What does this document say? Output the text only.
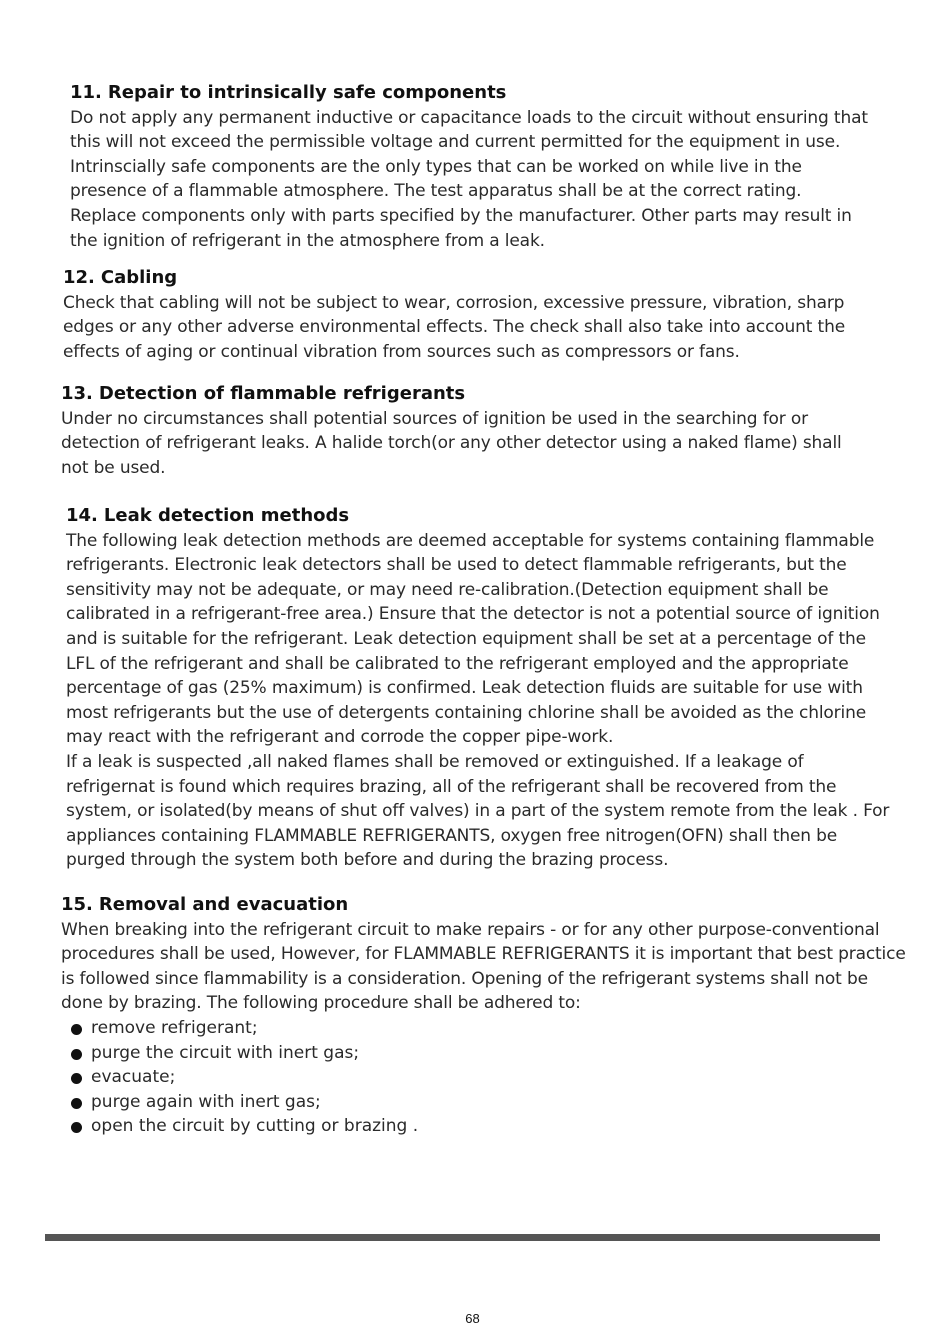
11. Repair to intrinsically safe components

Do not apply any permanent inductive or capacitance loads to the circuit without ensuring that this will not exceed the permissible voltage and current permitted for the equipment in use. Intrinscially safe components are the only types that can be worked on while live in the presence of a flammable atmosphere. The test apparatus shall be at the correct rating. Replace components only with parts specified by the manufacturer. Other parts may result in the ignition of refrigerant in the atmosphere from a leak.

12. Cabling

Check that cabling will not be subject to wear, corrosion, excessive pressure, vibration, sharp edges or any other adverse environmental effects. The check shall also take into account the effects of aging or continual vibration from sources such as compressors or fans.

13. Detection of flammable refrigerants

Under no circumstances shall potential sources of ignition be used in the searching for or detection of refrigerant leaks. A halide torch(or any other detector using a naked flame) shall not be used.

14. Leak detection methods

The following leak detection methods are deemed acceptable for systems containing flammable refrigerants. Electronic leak detectors shall be used to detect flammable refrigerants, but the sensitivity may not be adequate, or may need re-calibration.(Detection equipment shall be calibrated in a refrigerant-free area.) Ensure that the detector is not a potential source of ignition and is suitable for the refrigerant. Leak detection equipment shall be set at a percentage of the LFL of the refrigerant and shall be calibrated to the refrigerant employed and the appropriate percentage of gas (25% maximum) is confirmed. Leak detection fluids are suitable for use with most refrigerants but the use of detergents containing chlorine shall be avoided as the chlorine may react with the refrigerant and corrode the copper pipe-work.

If a leak is suspected ,all naked flames shall be removed or extinguished. If a leakage of refrigernat is found which requires brazing, all of the refrigerant shall be recovered from the system, or isolated(by means of shut off valves) in a part of the system remote from the leak . For appliances containing FLAMMABLE REFRIGERANTS, oxygen free nitrogen(OFN) shall then be purged through the system both before and during the brazing process.

15. Removal and evacuation

When breaking into the refrigerant circuit to make repairs - or for any other purpose-conventional procedures shall be used, However, for FLAMMABLE REFRIGERANTS it is important that best practice is followed since flammability is a consideration. Opening of the refrigerant systems shall not be done by brazing. The following procedure shall be adhered to:

remove refrigerant;
purge the circuit with inert gas;
evacuate;
purge again with inert gas;
open the circuit by cutting or brazing .
68
